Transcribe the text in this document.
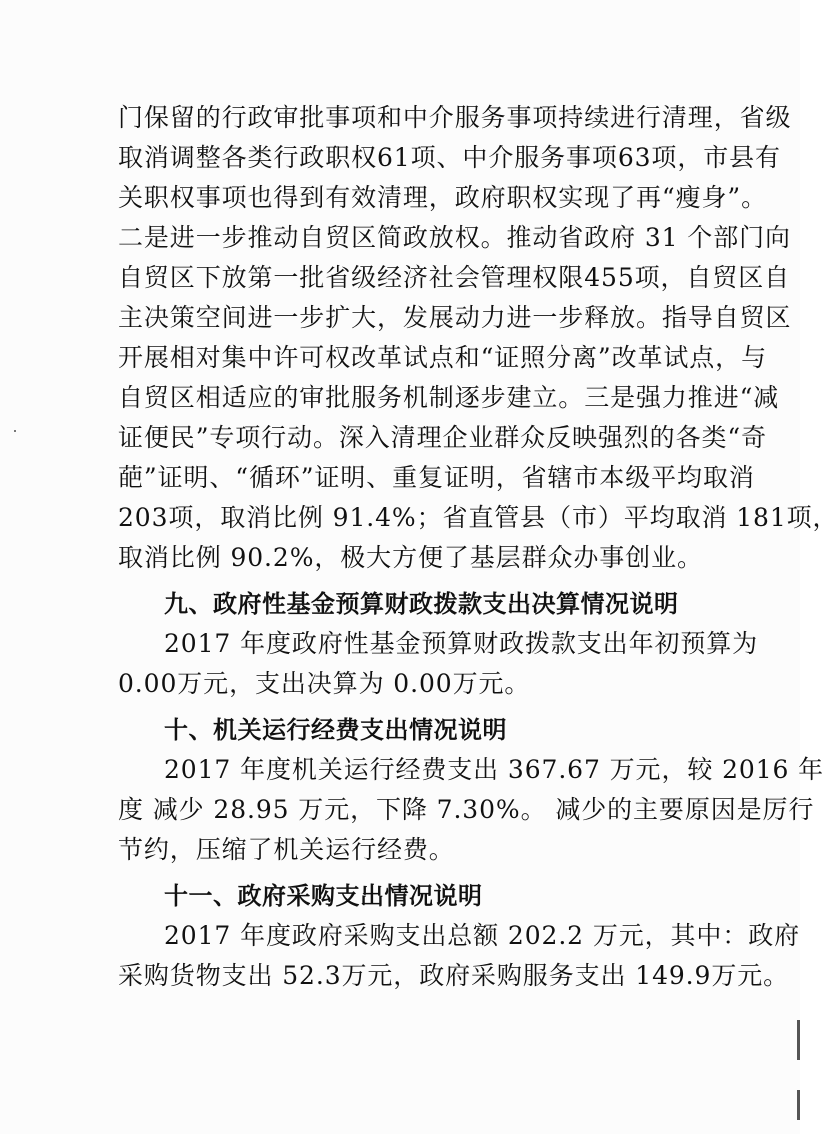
门保留的行政审批事项和中介服务事项持续进行清理，省级
取消调整各类行政职权61项、中介服务事项63项，市县有
关职权事项也得到有效清理，政府职权实现了再“瘦身”。
二是进一步推动自贸区简政放权。推动省政府 31 个部门向
自贸区下放第一批省级经济社会管理权限455项，自贸区自
主决策空间进一步扩大，发展动力进一步释放。指导自贸区
开展相对集中许可权改革试点和“证照分离”改革试点，与
自贸区相适应的审批服务机制逐步建立。三是强力推进“减
证便民”专项行动。深入清理企业群众反映强烈的各类“奇
葩”证明、“循环”证明、重复证明，省辖市本级平均取消
203项，取消比例 91.4%；省直管县（市）平均取消 181项，
取消比例 90.2%，极大方便了基层群众办事创业。
九、政府性基金预算财政拨款支出决算情况说明
2017 年度政府性基金预算财政拨款支出年初预算为
0.00万元，支出决算为 0.00万元。
十、机关运行经费支出情况说明
2017 年度机关运行经费支出 367.67 万元，较 2016 年
度 减少 28.95 万元，下降 7.30%。 减少的主要原因是厉行
节约，压缩了机关运行经费。
十一、政府采购支出情况说明
2017 年度政府采购支出总额 202.2 万元，其中：政府
采购货物支出 52.3万元，政府采购服务支出 149.9万元。
